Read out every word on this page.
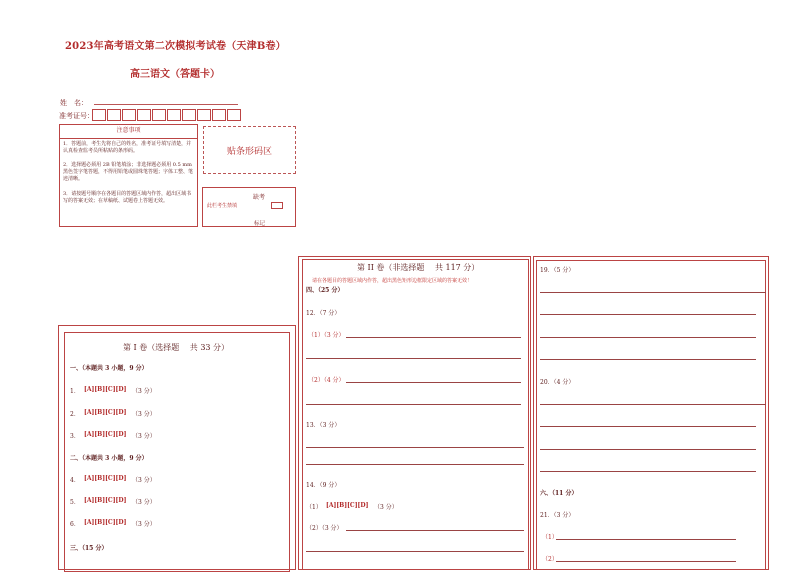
2023年高考语文第二次模拟考试卷（天津B卷）
高三语文（答题卡）
姓　名：
准考证号：
注意事项
1．答题前，考生先将自己的姓名，准考证号填写清楚，并认真检查监考员所粘贴的条形码。
2．选择题必须用 2B 铅笔填涂；非选择题必须用 0.5 mm 黑色签字笔答题，不得用铅笔或圆珠笔答题；字体工整、笔迹清晰。
3．请按题号顺序在各题目的答题区域内作答，超出区域书写的答案无效；在草稿纸、试题卷上答题无效。
贴条形码区
缺考
此栏考生禁填
标记
第 I 卷（选择题　 共 33 分）
一、（本题共 3 小题，9 分）
1． [A][B][C][D] （3 分）
2． [A][B][C][D] （3 分）
3． [A][B][C][D] （3 分）
二、（本题共 3 小题，9 分）
4． [A][B][C][D] （3 分）
5． [A][B][C][D] （3 分）
6． [A][B][C][D] （3 分）
三、（15 分）
第 II 卷（非选择题　 共 117 分）
请在各题目的答题区域内作答，超出黑色矩形边框限定区域的答案无效！
四、（25 分）
12．（7 分）
（1）（3 分）
（2）（4 分）
13．（3 分）
14．（9 分）
（1） [A][B][C][D] （3 分）
（2）（3 分）
19．（5 分）
20．（4 分）
六、（11 分）
21．（3 分）
（1）
（2）
